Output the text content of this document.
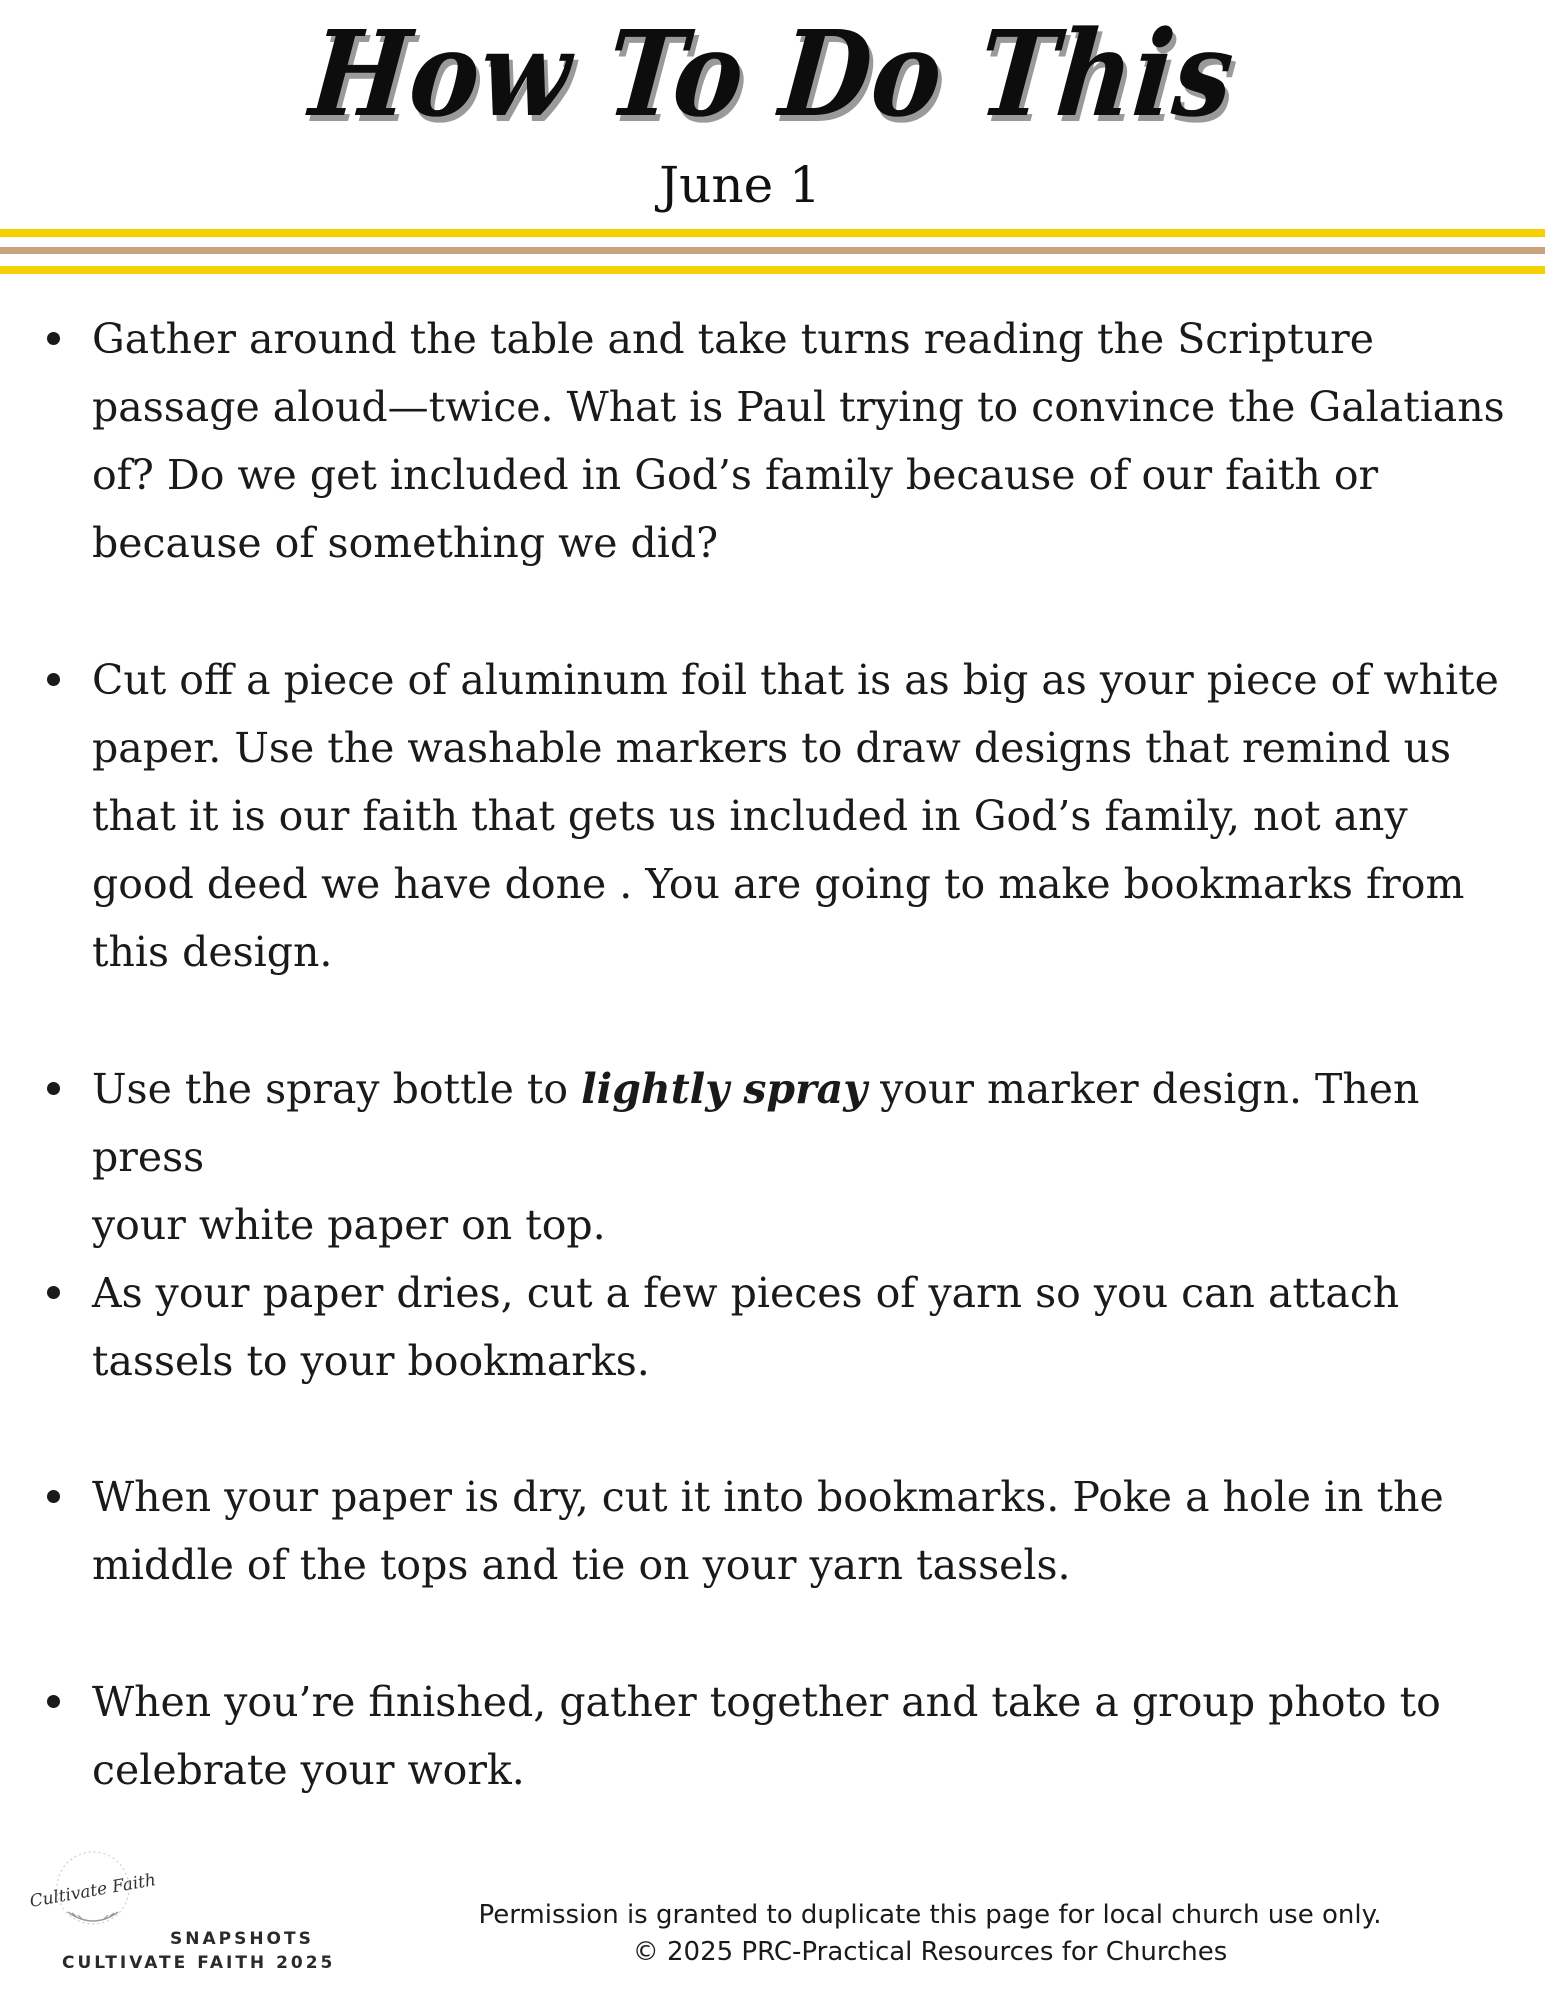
How To Do This

June 1

Gather around the table and take turns reading the Scripture
passage aloud—twice. What is Paul trying to convince the Galatians
of? Do we get included in God’s family because of our faith or
because of something we did?
Cut off a piece of aluminum foil that is as big as your piece of white
paper. Use the washable markers to draw designs that remind us
that it is our faith that gets us included in God’s family, not any
good deed we have done . You are going to make bookmarks from
this design.
Use the spray bottle to lightly spray your marker design. Then press
your white paper on top.
As your paper dries, cut a few pieces of yarn so you can attach
tassels to your bookmarks.
When your paper is dry, cut it into bookmarks. Poke a hole in the
middle of the tops and tie on your yarn tassels.
When you’re finished, gather together and take a group photo to
celebrate your work.
Cultivate Faith

SNAPSHOTS

CULTIVATE FAITH 2025

Permission is granted to duplicate this page for local church use only.
© 2025 PRC-Practical Resources for Churches
